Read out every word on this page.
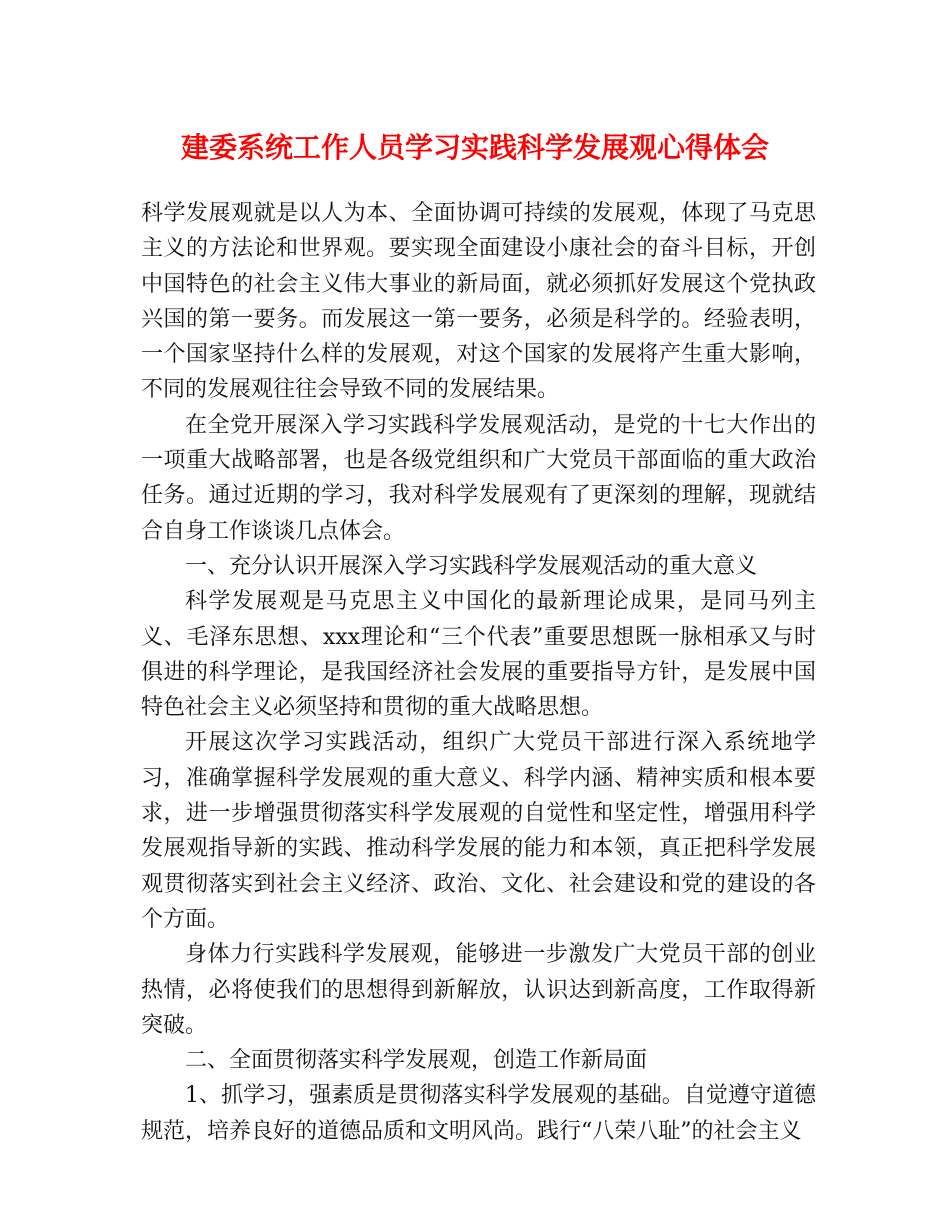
建委系统工作人员学习实践科学发展观心得体会

科学发展观就是以人为本、全面协调可持续的发展观，体现了马克思主义的方法论和世界观。要实现全面建设小康社会的奋斗目标，开创中国特色的社会主义伟大事业的新局面，就必须抓好发展这个党执政兴国的第一要务。而发展这一第一要务，必须是科学的。经验表明，一个国家坚持什么样的发展观，对这个国家的发展将产生重大影响，不同的发展观往往会导致不同的发展结果。

在全党开展深入学习实践科学发展观活动，是党的十七大作出的一项重大战略部署，也是各级党组织和广大党员干部面临的重大政治任务。通过近期的学习，我对科学发展观有了更深刻的理解，现就结合自身工作谈谈几点体会。

一、充分认识开展深入学习实践科学发展观活动的重大意义

科学发展观是马克思主义中国化的最新理论成果，是同马列主义、毛泽东思想、xxx理论和“三个代表”重要思想既一脉相承又与时俱进的科学理论，是我国经济社会发展的重要指导方针，是发展中国特色社会主义必须坚持和贯彻的重大战略思想。

开展这次学习实践活动，组织广大党员干部进行深入系统地学习，准确掌握科学发展观的重大意义、科学内涵、精神实质和根本要求，进一步增强贯彻落实科学发展观的自觉性和坚定性，增强用科学发展观指导新的实践、推动科学发展的能力和本领，真正把科学发展观贯彻落实到社会主义经济、政治、文化、社会建设和党的建设的各个方面。

身体力行实践科学发展观，能够进一步激发广大党员干部的创业热情，必将使我们的思想得到新解放，认识达到新高度，工作取得新突破。

二、全面贯彻落实科学发展观，创造工作新局面

1、抓学习，强素质是贯彻落实科学发展观的基础。自觉遵守道德规范，培养良好的道德品质和文明风尚。践行“八荣八耻”的社会主义
